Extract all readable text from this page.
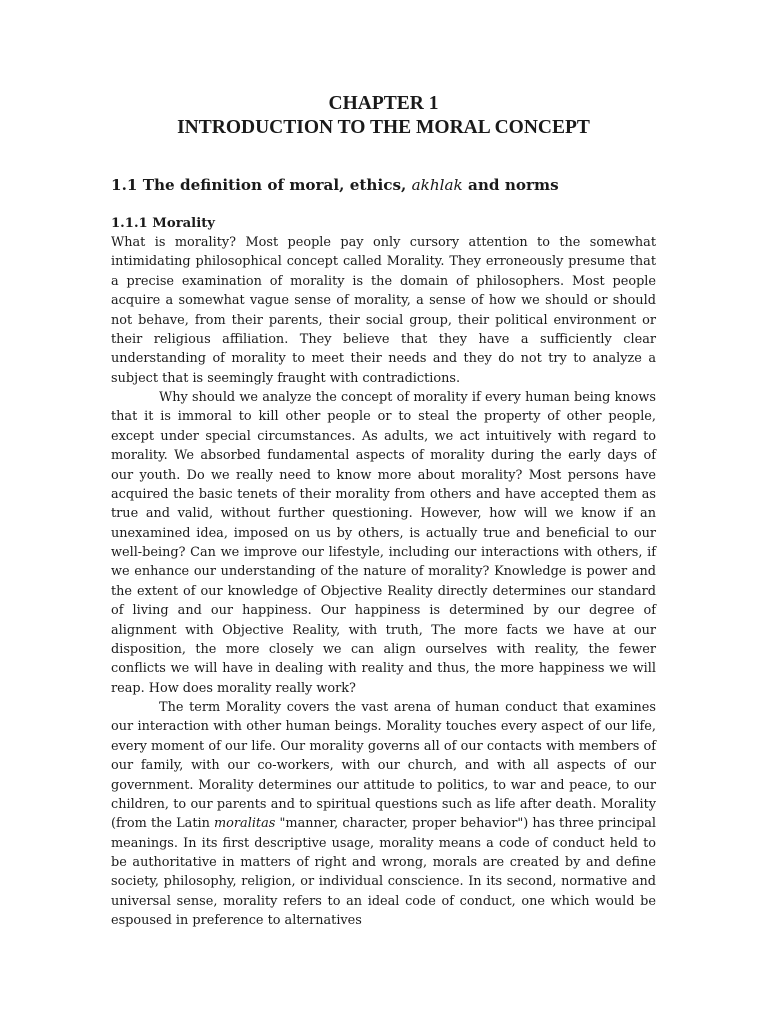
CHAPTER 1
INTRODUCTION TO THE MORAL CONCEPT
1.1 The definition of moral, ethics, akhlak and norms
1.1.1 Morality

What is morality? Most people pay only cursory attention to the somewhat intimidating philosophical concept called Morality. They erroneously presume that a precise examination of morality is the domain of philosophers. Most people acquire a somewhat vague sense of morality, a sense of how we should or should not behave, from their parents, their social group, their political environment or their religious affiliation. They believe that they have a sufficiently clear understanding of morality to meet their needs and they do not try to analyze a subject that is seemingly fraught with contradictions.

Why should we analyze the concept of morality if every human being knows that it is immoral to kill other people or to steal the property of other people, except under special circumstances. As adults, we act intuitively with regard to morality. We absorbed fundamental aspects of morality during the early days of our youth. Do we really need to know more about morality? Most persons have acquired the basic tenets of their morality from others and have accepted them as true and valid, without further questioning. However, how will we know if an unexamined idea, imposed on us by others, is actually true and beneficial to our well-being? Can we improve our lifestyle, including our interactions with others, if we enhance our understanding of the nature of morality? Knowledge is power and the extent of our knowledge of Objective Reality directly determines our standard of living and our happiness. Our happiness is determined by our degree of alignment with Objective Reality, with truth, The more facts we have at our disposition, the more closely we can align ourselves with reality, the fewer conflicts we will have in dealing with reality and thus, the more happiness we will reap. How does morality really work?

The term Morality covers the vast arena of human conduct that examines our interaction with other human beings. Morality touches every aspect of our life, every moment of our life. Our morality governs all of our contacts with members of our family, with our co-workers, with our church, and with all aspects of our government. Morality determines our attitude to politics, to war and peace, to our children, to our parents and to spiritual questions such as life after death. Morality (from the Latin moralitas "manner, character, proper behavior") has three principal meanings. In its first descriptive usage, morality means a code of conduct held to be authoritative in matters of right and wrong, morals are created by and define society, philosophy, religion, or individual conscience. In its second, normative and universal sense, morality refers to an ideal code of conduct, one which would be espoused in preference to alternatives
